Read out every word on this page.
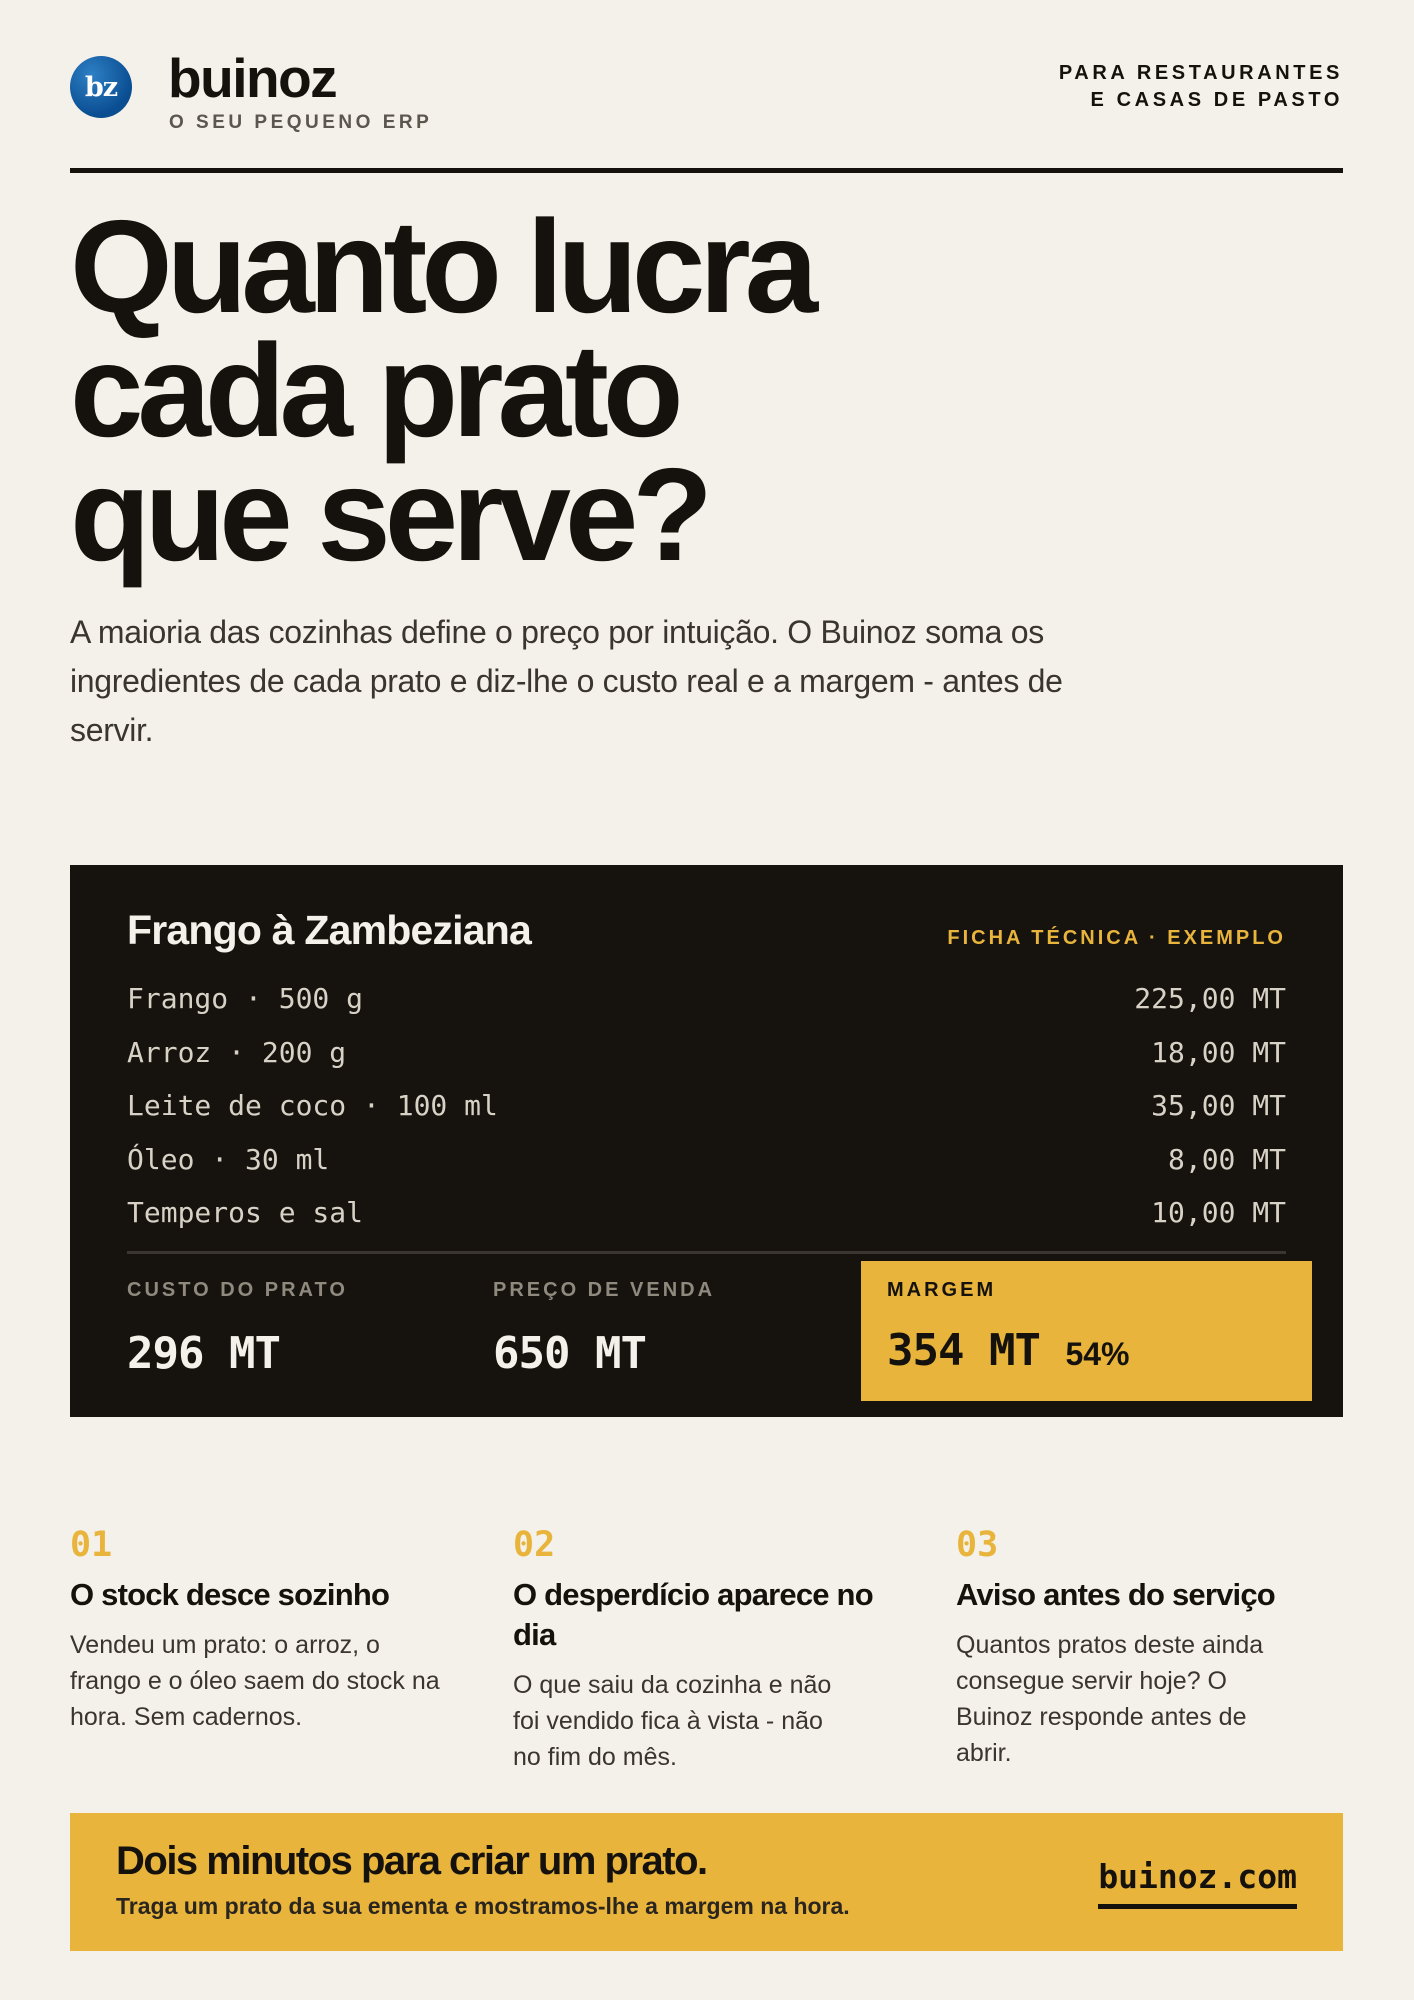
bz buinoz
O SEU PEQUENO ERP
PARA RESTAURANTES
E CASAS DE PASTO
Quanto lucra
cada prato
que serve?

A maioria das cozinhas define o preço por intuição. O Buinoz soma os ingredientes de cada prato e diz-lhe o custo real e a margem - antes de servir.

Frango à Zambeziana	FICHA TÉCNICA · EXEMPLO
Frango · 500 g	225,00 MT
Arroz · 200 g	18,00 MT
Leite de coco · 100 ml	35,00 MT
Óleo · 30 ml	8,00 MT
Temperos e sal	10,00 MT
CUSTO DO PRATO
296 MT
PREÇO DE VENDA
650 MT
MARGEM
354 MT 54%
01
O stock desce sozinho
Vendeu um prato: o arroz, o frango e o óleo saem do stock na hora. Sem cadernos.
02
O desperdício aparece no dia
O que saiu da cozinha e não foi vendido fica à vista - não no fim do mês.
03
Aviso antes do serviço
Quantos pratos deste ainda consegue servir hoje? O Buinoz responde antes de abrir.
Dois minutos para criar um prato.
Traga um prato da sua ementa e mostramos-lhe a margem na hora.
buinoz.com
